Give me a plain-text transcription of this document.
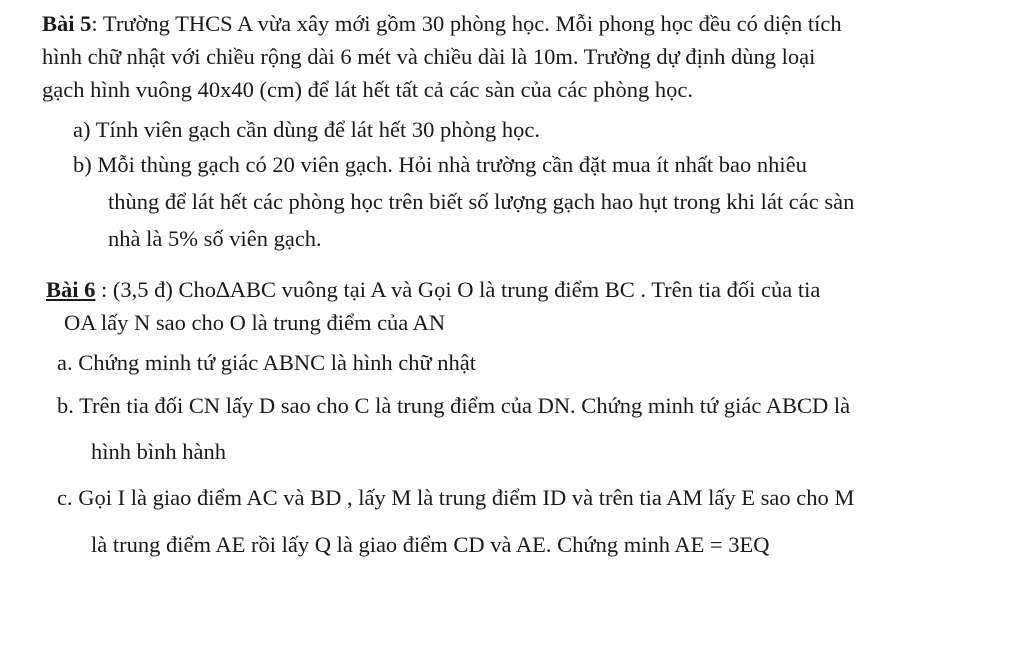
Bài 5: Trường THCS A vừa xây mới gồm 30 phòng học. Mỗi phong học đều có diện tích
hình chữ nhật với chiều rộng dài 6 mét và chiều dài là 10m. Trường dự định dùng loại
gạch hình vuông 40x40 (cm) để lát hết tất cả các sàn của các phòng học.
a) Tính viên gạch cần dùng để lát hết 30 phòng học.
b) Mỗi thùng gạch có 20 viên gạch. Hỏi nhà trường cần đặt mua ít nhất bao nhiêu
thùng để lát hết các phòng học trên biết số lượng gạch hao hụt trong khi lát các sàn
nhà là 5% số viên gạch.
Bài 6 : (3,5 đ) Cho∆ABC vuông tại A và Gọi O là trung điểm BC . Trên tia đối của tia
OA lấy N sao cho O là trung điểm của AN
a. Chứng minh tứ giác ABNC là hình chữ nhật
b. Trên tia đối CN lấy D sao cho C là trung điểm của DN. Chứng minh tứ giác ABCD là
hình bình hành
c. Gọi I là giao điểm AC và BD , lấy M là trung điểm ID và trên tia AM lấy E sao cho M
là trung điểm AE rồi lấy Q là giao điểm CD và AE. Chứng minh AE = 3EQ
